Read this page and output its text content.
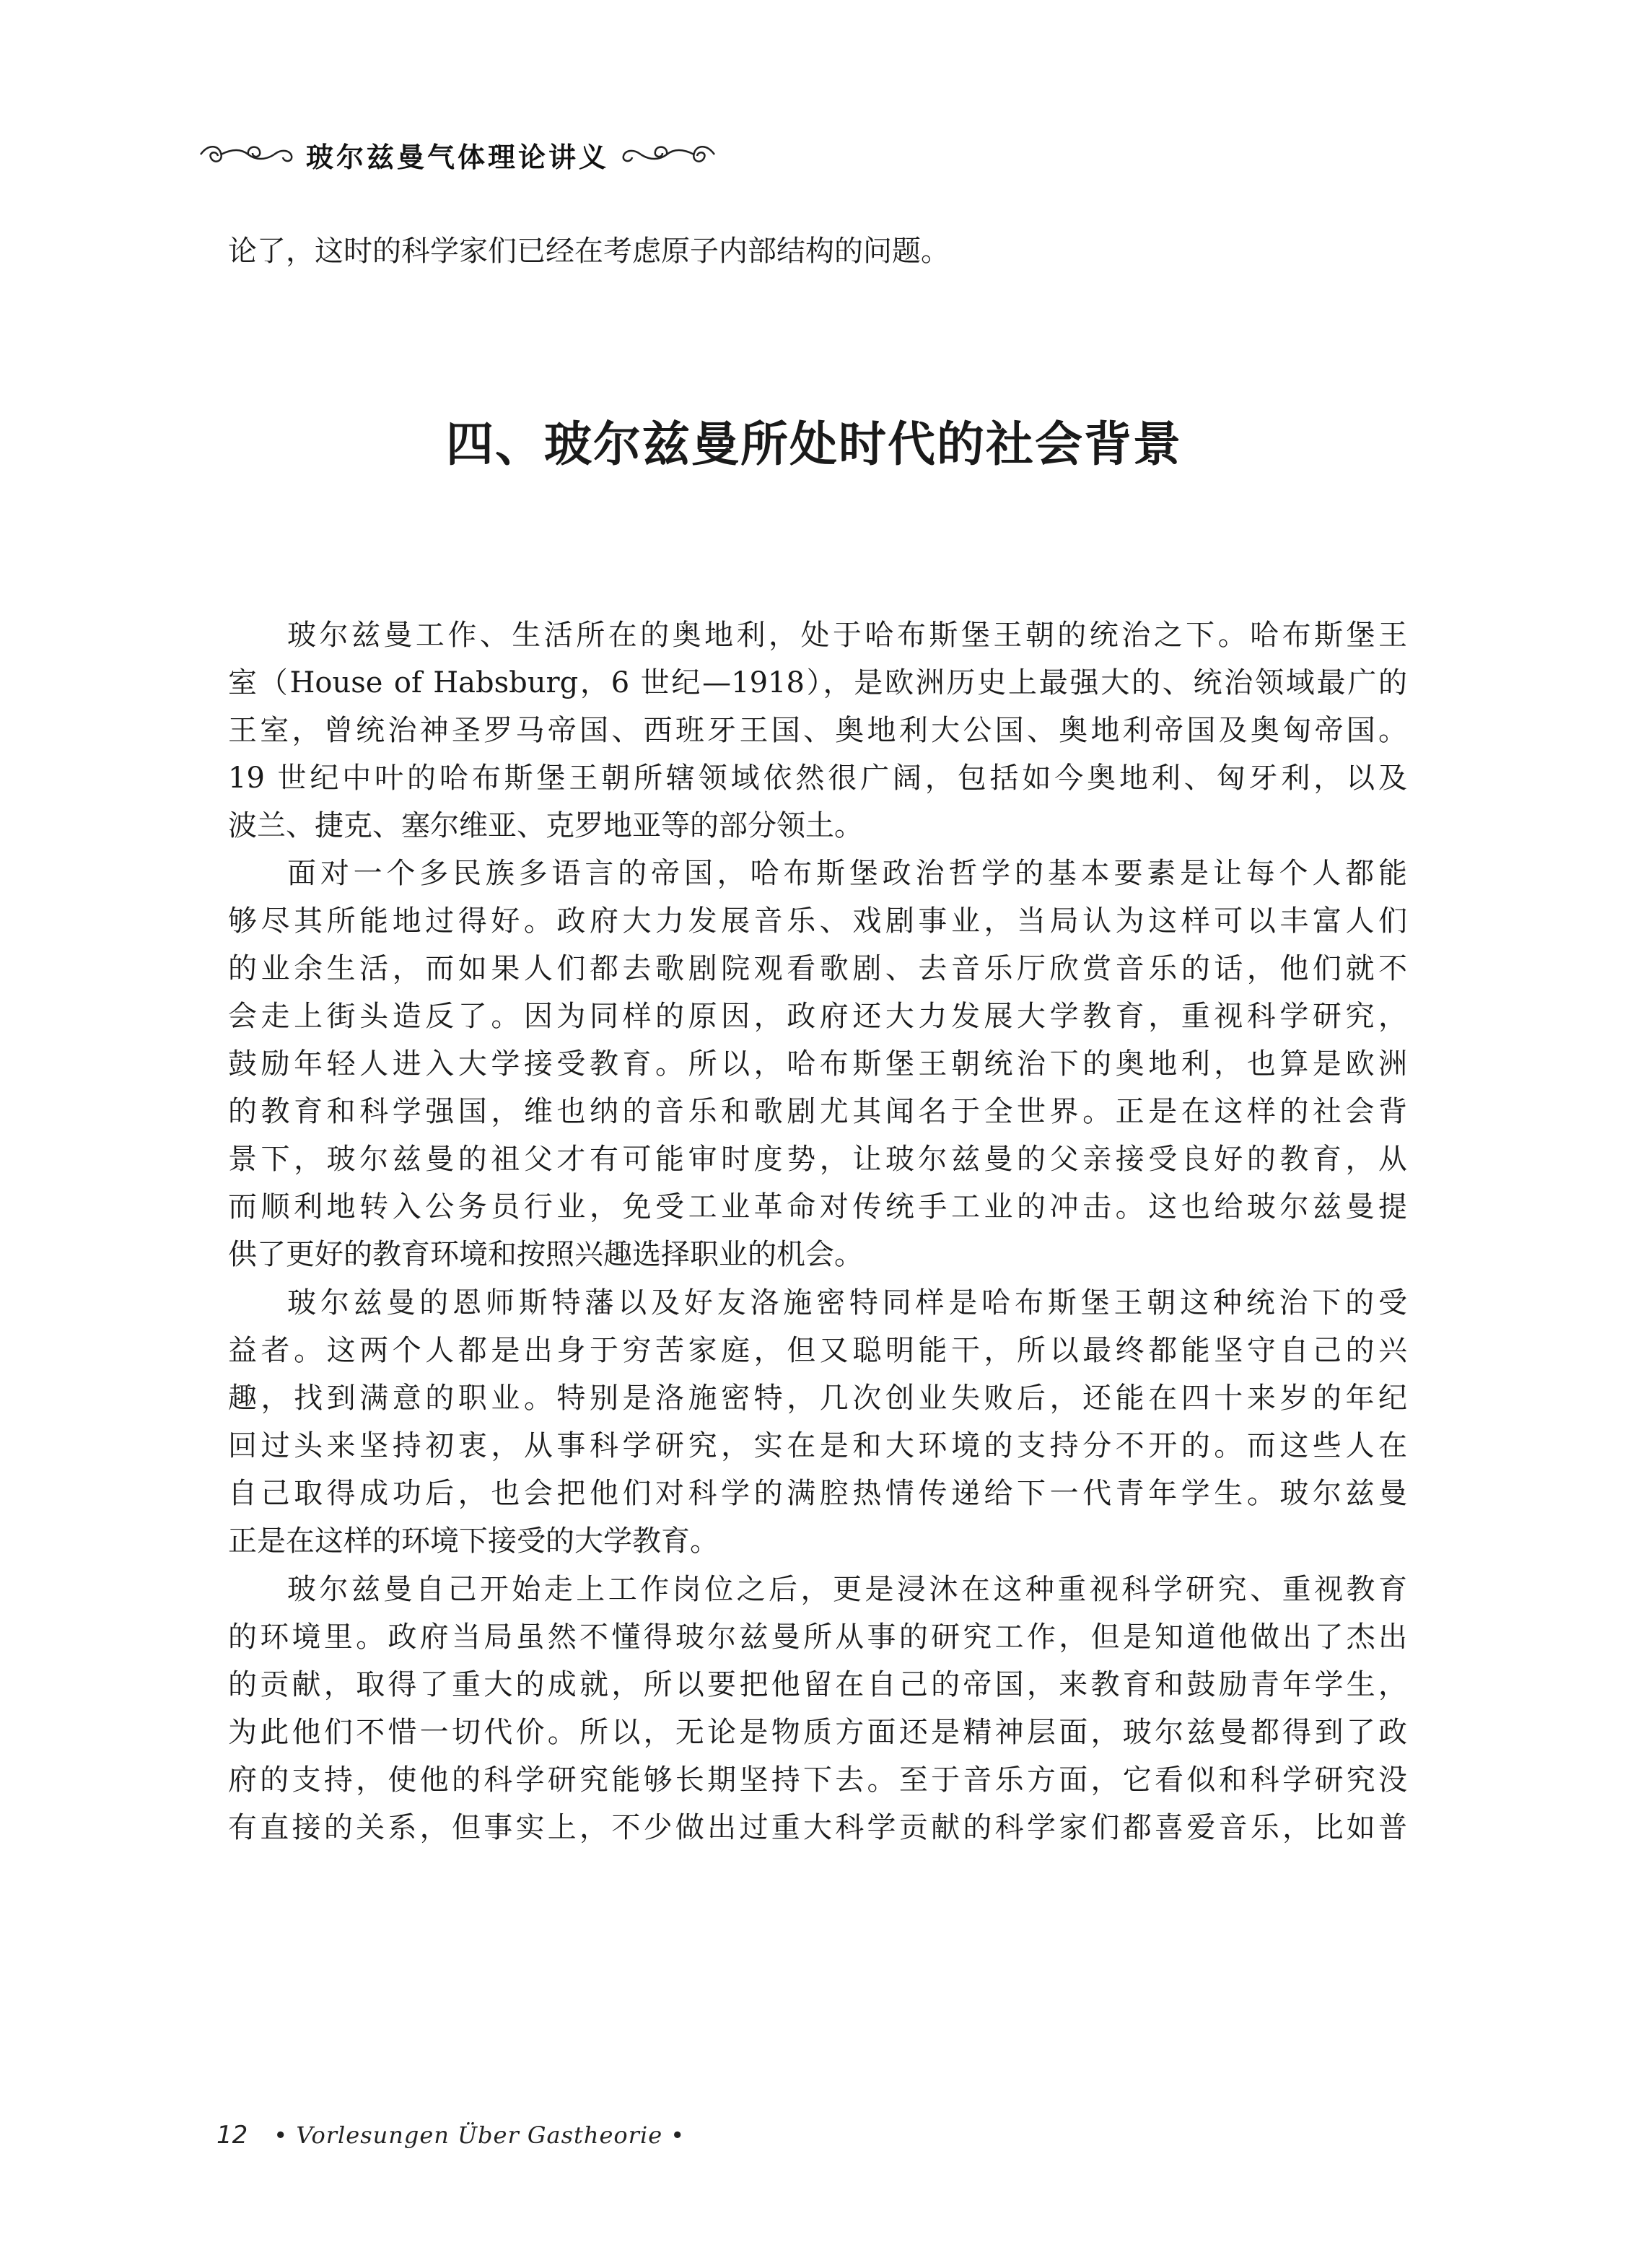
玻尔兹曼气体理论讲义
论了，这时的科学家们已经在考虑原子内部结构的问题。
四、玻尔兹曼所处时代的社会背景
玻尔兹曼工作、生活所在的奥地利，处于哈布斯堡王朝的统治之下。哈布斯堡王
室（House of Habsburg，6 世纪—1918），是欧洲历史上最强大的、统治领域最广的
王室，曾统治神圣罗马帝国、西班牙王国、奥地利大公国、奥地利帝国及奥匈帝国。
19 世纪中叶的哈布斯堡王朝所辖领域依然很广阔，包括如今奥地利、匈牙利，以及
波兰、捷克、塞尔维亚、克罗地亚等的部分领土。
面对一个多民族多语言的帝国，哈布斯堡政治哲学的基本要素是让每个人都能
够尽其所能地过得好。政府大力发展音乐、戏剧事业，当局认为这样可以丰富人们
的业余生活，而如果人们都去歌剧院观看歌剧、去音乐厅欣赏音乐的话，他们就不
会走上街头造反了。因为同样的原因，政府还大力发展大学教育，重视科学研究，
鼓励年轻人进入大学接受教育。所以，哈布斯堡王朝统治下的奥地利，也算是欧洲
的教育和科学强国，维也纳的音乐和歌剧尤其闻名于全世界。正是在这样的社会背
景下，玻尔兹曼的祖父才有可能审时度势，让玻尔兹曼的父亲接受良好的教育，从
而顺利地转入公务员行业，免受工业革命对传统手工业的冲击。这也给玻尔兹曼提
供了更好的教育环境和按照兴趣选择职业的机会。
玻尔兹曼的恩师斯特藩以及好友洛施密特同样是哈布斯堡王朝这种统治下的受
益者。这两个人都是出身于穷苦家庭，但又聪明能干，所以最终都能坚守自己的兴
趣，找到满意的职业。特别是洛施密特，几次创业失败后，还能在四十来岁的年纪
回过头来坚持初衷，从事科学研究，实在是和大环境的支持分不开的。而这些人在
自己取得成功后，也会把他们对科学的满腔热情传递给下一代青年学生。玻尔兹曼
正是在这样的环境下接受的大学教育。
玻尔兹曼自己开始走上工作岗位之后，更是浸沐在这种重视科学研究、重视教育
的环境里。政府当局虽然不懂得玻尔兹曼所从事的研究工作，但是知道他做出了杰出
的贡献，取得了重大的成就，所以要把他留在自己的帝国，来教育和鼓励青年学生，
为此他们不惜一切代价。所以，无论是物质方面还是精神层面，玻尔兹曼都得到了政
府的支持，使他的科学研究能够长期坚持下去。至于音乐方面，它看似和科学研究没
有直接的关系，但事实上，不少做出过重大科学贡献的科学家们都喜爱音乐，比如普
12 • Vorlesungen Über Gastheorie •
